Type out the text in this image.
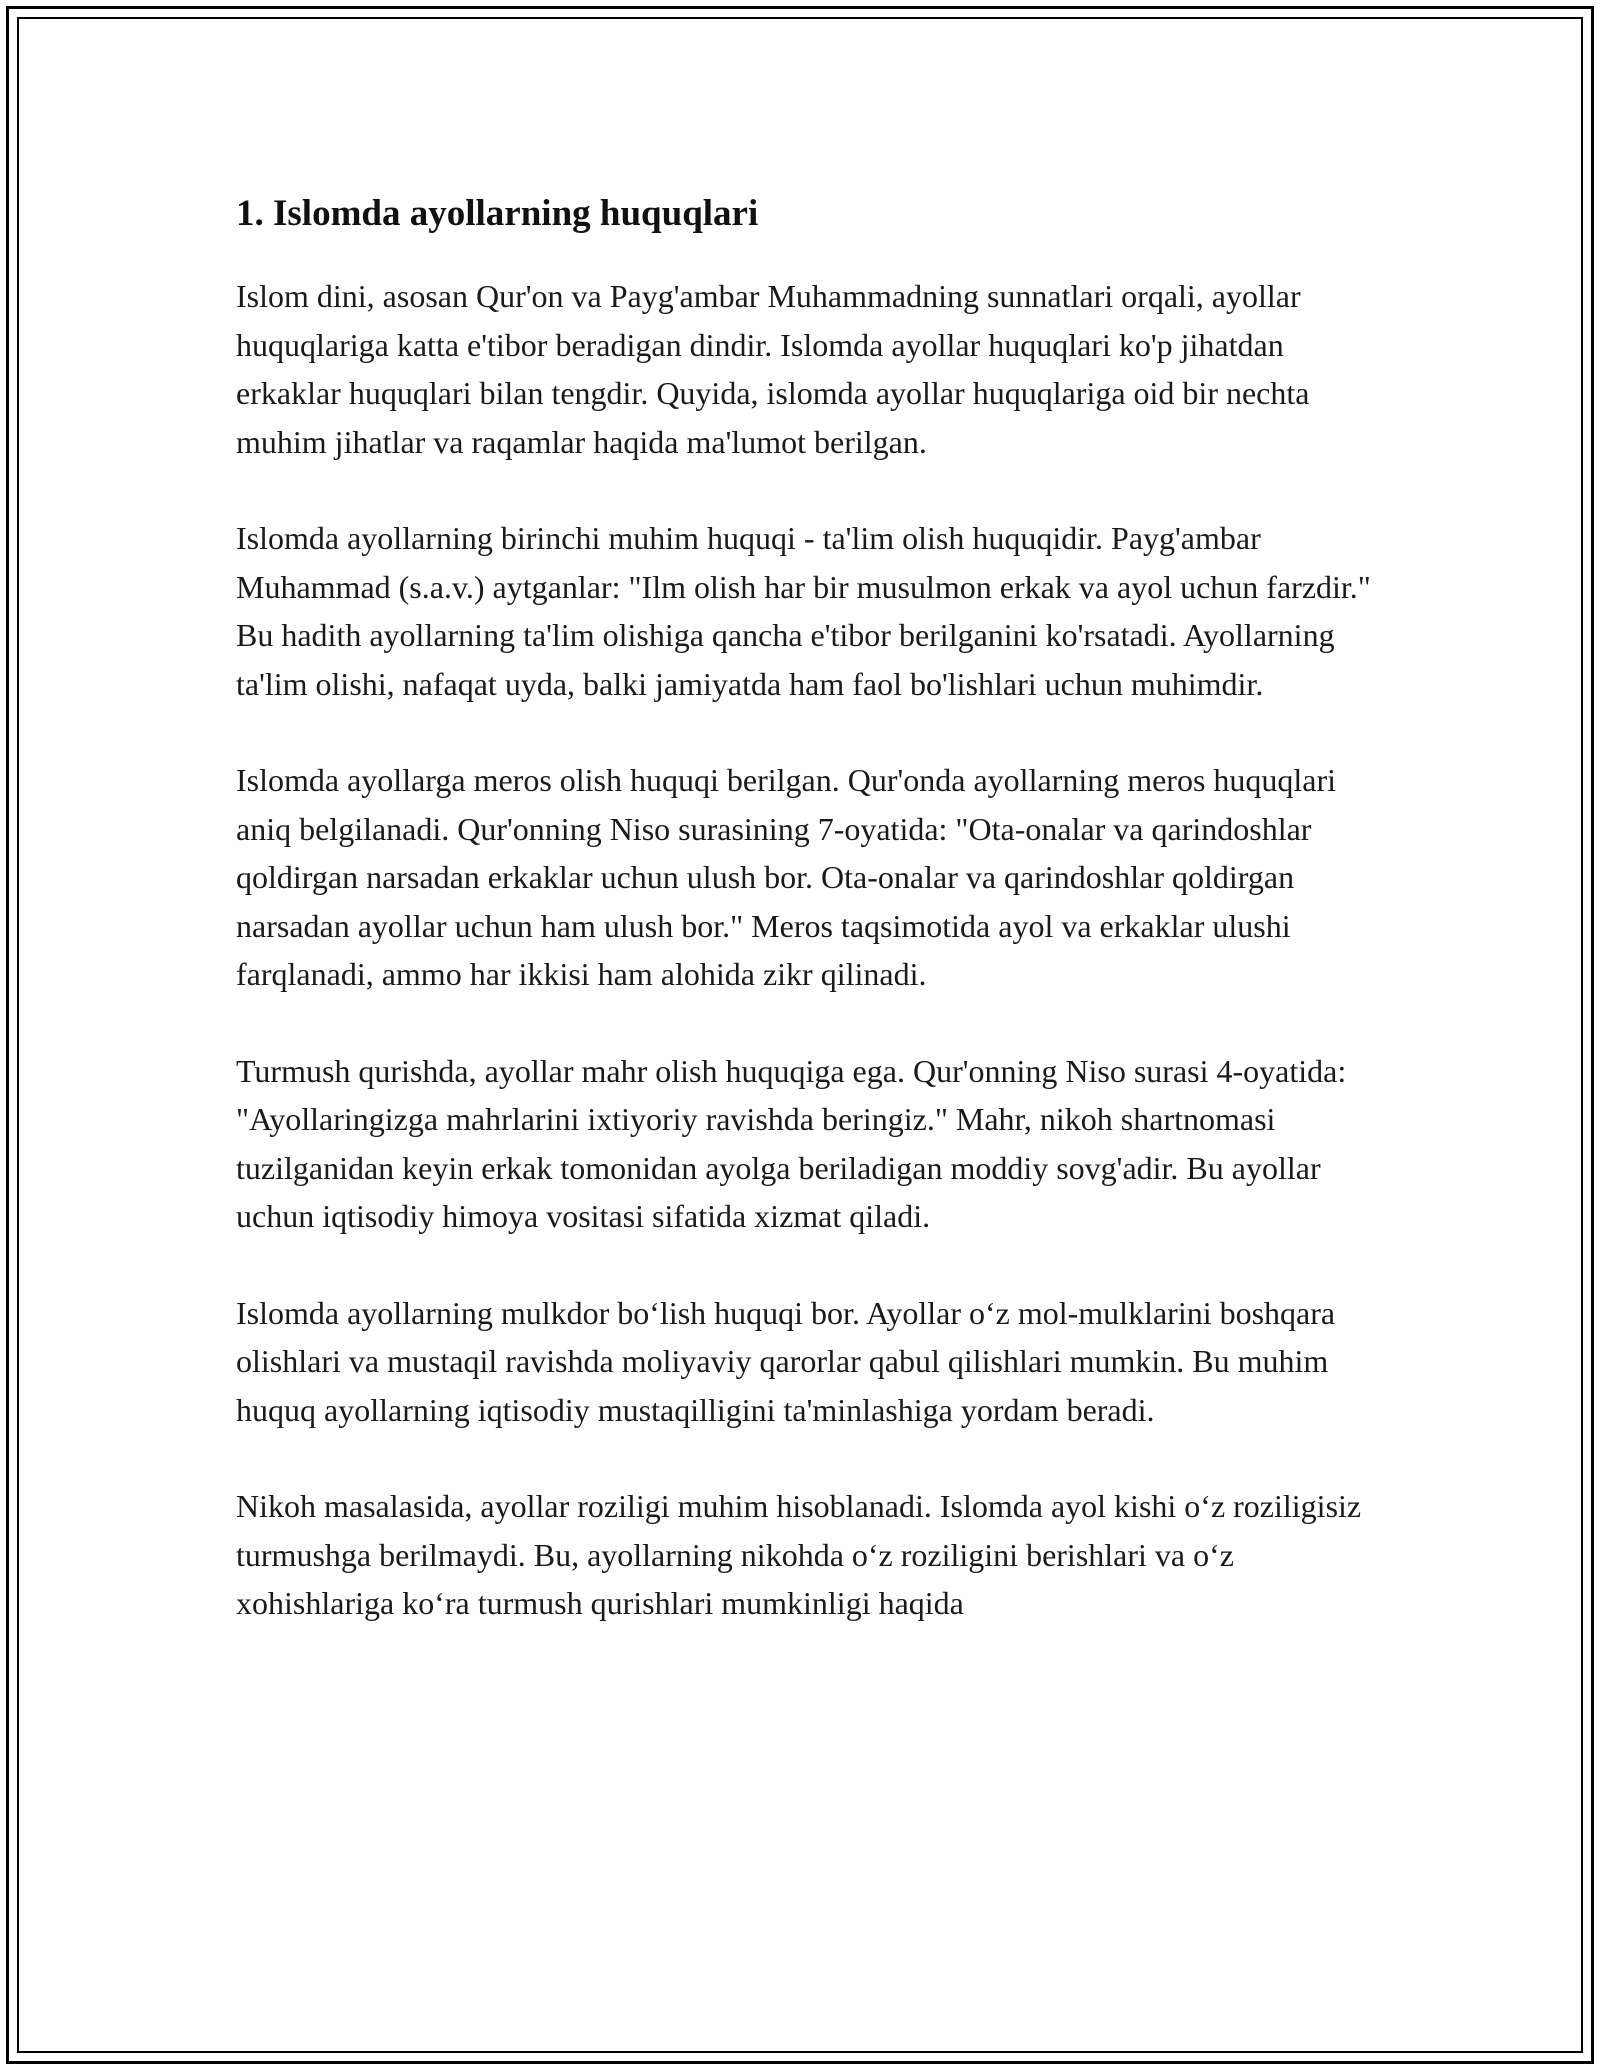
1. Islomda ayollarning huquqlari

Islom dini, asosan Qur'on va Payg'ambar Muhammadning sunnatlari orqali, ayollar huquqlariga katta e'tibor beradigan dindir. Islomda ayollar huquqlari ko'p jihatdan erkaklar huquqlari bilan tengdir. Quyida, islomda ayollar huquqlariga oid bir nechta muhim jihatlar va raqamlar haqida ma'lumot berilgan.

Islomda ayollarning birinchi muhim huquqi - ta'lim olish huquqidir. Payg'ambar Muhammad (s.a.v.) aytganlar: "Ilm olish har bir musulmon erkak va ayol uchun farzdir." Bu hadith ayollarning ta'lim olishiga qancha e'tibor berilganini ko'rsatadi. Ayollarning ta'lim olishi, nafaqat uyda, balki jamiyatda ham faol bo'lishlari uchun muhimdir.

Islomda ayollarga meros olish huquqi berilgan. Qur'onda ayollarning meros huquqlari aniq belgilanadi. Qur'onning Niso surasining 7-oyatida: "Ota-onalar va qarindoshlar qoldirgan narsadan erkaklar uchun ulush bor. Ota-onalar va qarindoshlar qoldirgan narsadan ayollar uchun ham ulush bor." Meros taqsimotida ayol va erkaklar ulushi farqlanadi, ammo har ikkisi ham alohida zikr qilinadi.

Turmush qurishda, ayollar mahr olish huquqiga ega. Qur'onning Niso surasi 4-oyatida: "Ayollaringizga mahrlarini ixtiyoriy ravishda beringiz." Mahr, nikoh shartnomasi tuzilganidan keyin erkak tomonidan ayolga beriladigan moddiy sovg'adir. Bu ayollar uchun iqtisodiy himoya vositasi sifatida xizmat qiladi.

Islomda ayollarning mulkdor bo‘lish huquqi bor. Ayollar o‘z mol-mulklarini boshqara olishlari va mustaqil ravishda moliyaviy qarorlar qabul qilishlari mumkin. Bu muhim huquq ayollarning iqtisodiy mustaqilligini ta'minlashiga yordam beradi.

Nikoh masalasida, ayollar roziligi muhim hisoblanadi. Islomda ayol kishi o‘z roziligisiz turmushga berilmaydi. Bu, ayollarning nikohda o‘z roziligini berishlari va o‘z xohishlariga ko‘ra turmush qurishlari mumkinligi haqida
